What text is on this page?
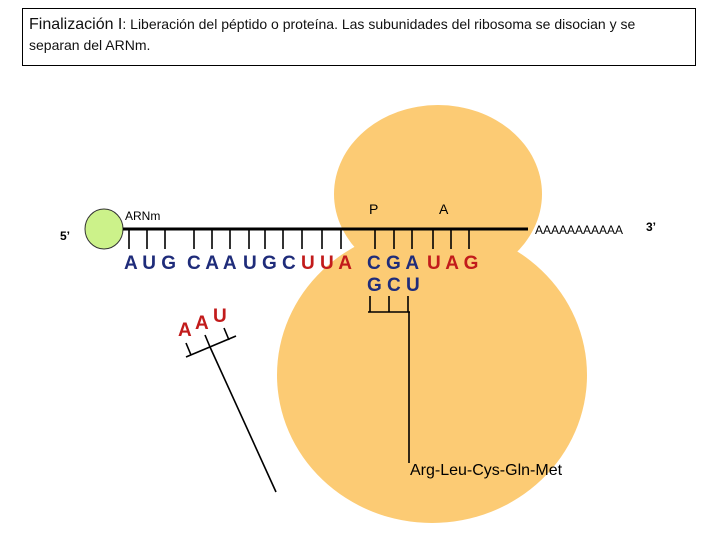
Finalización I: Liberación del péptido o proteína. Las subunidades del ribosoma se disocian y se separan del ARNm.
A U G C A A U G C U U A C G A U A G
G C U
A A U
ARNm
5’	AAAAAAAAAAA 3’
P	A
Arg-Leu-Cys-Gln-Met
